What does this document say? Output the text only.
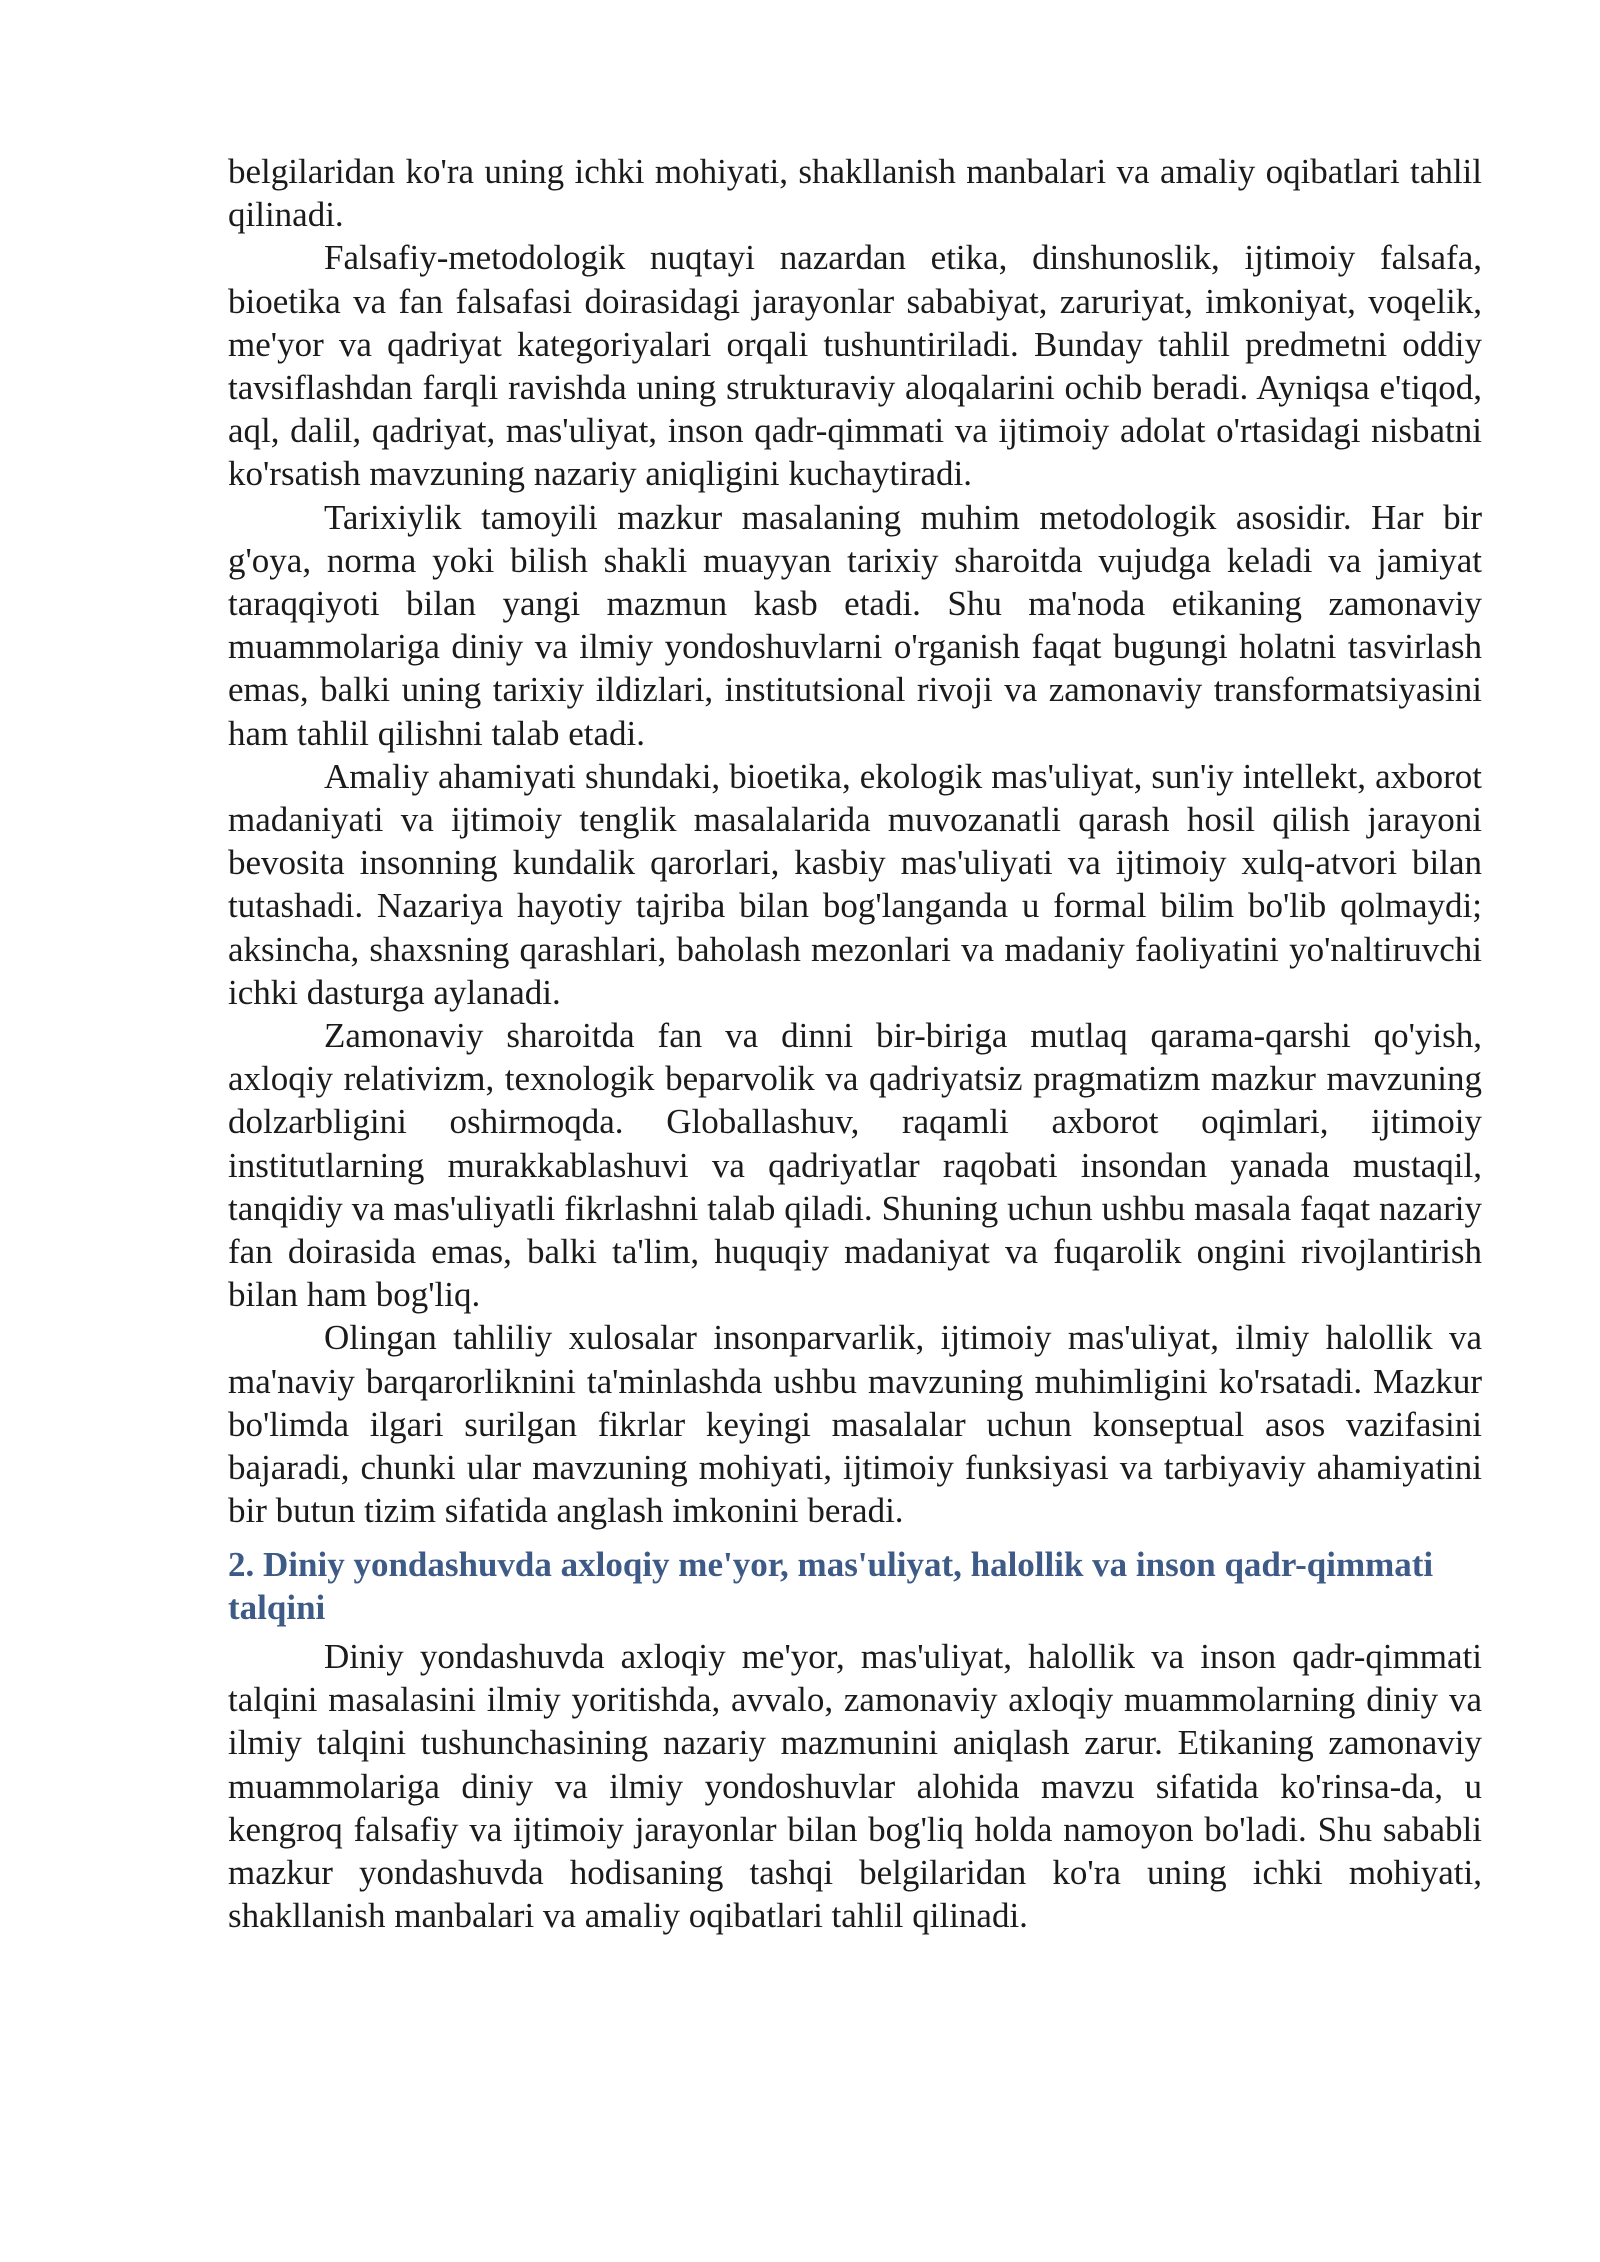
belgilaridan ko'ra uning ichki mohiyati, shakllanish manbalari va amaliy oqibatlari tahlil qilinadi.

Falsafiy-metodologik nuqtayi nazardan etika, dinshunoslik, ijtimoiy falsafa, bioetika va fan falsafasi doirasidagi jarayonlar sababiyat, zaruriyat, imkoniyat, voqelik, me'yor va qadriyat kategoriyalari orqali tushuntiriladi. Bunday tahlil predmetni oddiy tavsiflashdan farqli ravishda uning strukturaviy aloqalarini ochib beradi. Ayniqsa e'tiqod, aql, dalil, qadriyat, mas'uliyat, inson qadr-qimmati va ijtimoiy adolat o'rtasidagi nisbatni ko'rsatish mavzuning nazariy aniqligini kuchaytiradi.

Tarixiylik tamoyili mazkur masalaning muhim metodologik asosidir. Har bir g'oya, norma yoki bilish shakli muayyan tarixiy sharoitda vujudga keladi va jamiyat taraqqiyoti bilan yangi mazmun kasb etadi. Shu ma'noda etikaning zamonaviy muammolariga diniy va ilmiy yondoshuvlarni o'rganish faqat bugungi holatni tasvirlash emas, balki uning tarixiy ildizlari, institutsional rivoji va zamonaviy transformatsiyasini ham tahlil qilishni talab etadi.

Amaliy ahamiyati shundaki, bioetika, ekologik mas'uliyat, sun'iy intellekt, axborot madaniyati va ijtimoiy tenglik masalalarida muvozanatli qarash hosil qilish jarayoni bevosita insonning kundalik qarorlari, kasbiy mas'uliyati va ijtimoiy xulq-atvori bilan tutashadi. Nazariya hayotiy tajriba bilan bog'langanda u formal bilim bo'lib qolmaydi; aksincha, shaxsning qarashlari, baholash mezonlari va madaniy faoliyatini yo'naltiruvchi ichki dasturga aylanadi.

Zamonaviy sharoitda fan va dinni bir-biriga mutlaq qarama-qarshi qo'yish, axloqiy relativizm, texnologik beparvolik va qadriyatsiz pragmatizm mazkur mavzuning dolzarbligini oshirmoqda. Globallashuv, raqamli axborot oqimlari, ijtimoiy institutlarning murakkablashuvi va qadriyatlar raqobati insondan yanada mustaqil, tanqidiy va mas'uliyatli fikrlashni talab qiladi. Shuning uchun ushbu masala faqat nazariy fan doirasida emas, balki ta'lim, huquqiy madaniyat va fuqarolik ongini rivojlantirish bilan ham bog'liq.

Olingan tahliliy xulosalar insonparvarlik, ijtimoiy mas'uliyat, ilmiy halollik va ma'naviy barqarorliknini ta'minlashda ushbu mavzuning muhimligini ko'rsatadi. Mazkur bo'limda ilgari surilgan fikrlar keyingi masalalar uchun konseptual asos vazifasini bajaradi, chunki ular mavzuning mohiyati, ijtimoiy funksiyasi va tarbiyaviy ahamiyatini bir butun tizim sifatida anglash imkonini beradi.

2. Diniy yondashuvda axloqiy me'yor, mas'uliyat, halollik va inson qadr-qimmati talqini

Diniy yondashuvda axloqiy me'yor, mas'uliyat, halollik va inson qadr-qimmati talqini masalasini ilmiy yoritishda, avvalo, zamonaviy axloqiy muammolarning diniy va ilmiy talqini tushunchasining nazariy mazmunini aniqlash zarur. Etikaning zamonaviy muammolariga diniy va ilmiy yondoshuvlar alohida mavzu sifatida ko'rinsa-da, u kengroq falsafiy va ijtimoiy jarayonlar bilan bog'liq holda namoyon bo'ladi. Shu sababli mazkur yondashuvda hodisaning tashqi belgilaridan ko'ra uning ichki mohiyati, shakllanish manbalari va amaliy oqibatlari tahlil qilinadi.
